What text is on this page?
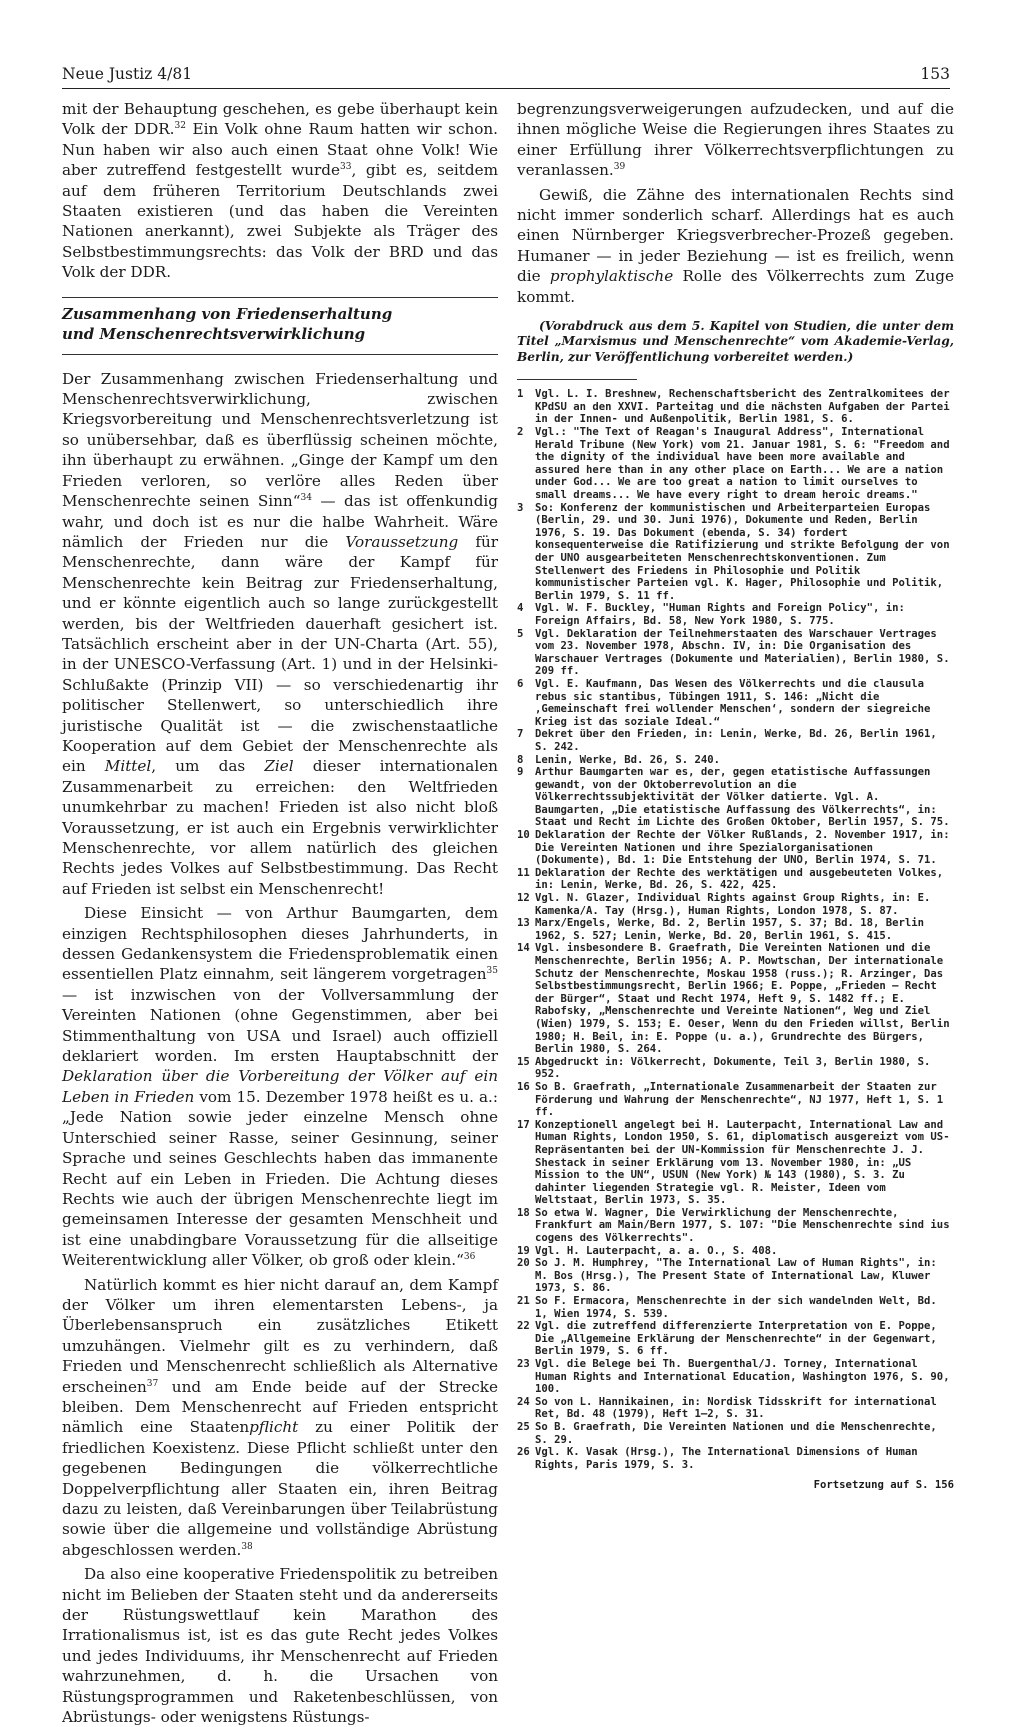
Neue Justiz 4/81	153

mit der Behauptung geschehen, es gebe überhaupt kein Volk der DDR.$^{32}$ Ein Volk ohne Raum hatten wir schon. Nun haben wir also auch einen Staat ohne Volk! Wie aber zutreffend festgestellt wurde$^{33}$, gibt es, seitdem auf dem früheren Territorium Deutschlands zwei Staaten existieren (und das haben die Vereinten Nationen anerkannt), zwei Subjekte als Träger des Selbstbestimmungsrechts: das Volk der BRD und das Volk der DDR.

Zusammenhang von Friedenserhaltung
und Menschenrechtsverwirklichung

Der Zusammenhang zwischen Friedenserhaltung und Menschenrechtsverwirklichung, zwischen Kriegsvorbereitung und Menschenrechtsverletzung ist so unübersehbar, daß es überflüssig scheinen möchte, ihn überhaupt zu erwähnen. „Ginge der Kampf um den Frieden verloren, so verlöre alles Reden über Menschenrechte seinen Sinn“$^{34}$ — das ist offenkundig wahr, und doch ist es nur die halbe Wahrheit. Wäre nämlich der Frieden nur die Voraussetzung für Menschenrechte, dann wäre der Kampf für Menschenrechte kein Beitrag zur Friedenserhaltung, und er könnte eigentlich auch so lange zurückgestellt werden, bis der Weltfrieden dauerhaft gesichert ist. Tatsächlich erscheint aber in der UN-Charta (Art. 55), in der UNESCO-Verfassung (Art. 1) und in der Helsinki-Schlußakte (Prinzip VII) — so verschiedenartig ihr politischer Stellenwert, so unterschiedlich ihre juristische Qualität ist — die zwischenstaatliche Kooperation auf dem Gebiet der Menschenrechte als ein Mittel, um das Ziel dieser internationalen Zusammenarbeit zu erreichen: den Weltfrieden unumkehrbar zu machen! Frieden ist also nicht bloß Voraussetzung, er ist auch ein Ergebnis verwirklichter Menschenrechte, vor allem natürlich des gleichen Rechts jedes Volkes auf Selbstbestimmung. Das Recht auf Frieden ist selbst ein Menschenrecht!

Diese Einsicht — von Arthur Baumgarten, dem einzigen Rechtsphilosophen dieses Jahrhunderts, in dessen Gedankensystem die Friedensproblematik einen essentiellen Platz einnahm, seit längerem vorgetragen$^{35}$ — ist inzwischen von der Vollversammlung der Vereinten Nationen (ohne Gegenstimmen, aber bei Stimmenthaltung von USA und Israel) auch offiziell deklariert worden. Im ersten Hauptabschnitt der Deklaration über die Vorbereitung der Völker auf ein Leben in Frieden vom 15. Dezember 1978 heißt es u. a.: „Jede Nation sowie jeder einzelne Mensch ohne Unterschied seiner Rasse, seiner Gesinnung, seiner Sprache und seines Geschlechts haben das immanente Recht auf ein Leben in Frieden. Die Achtung dieses Rechts wie auch der übrigen Menschenrechte liegt im gemeinsamen Interesse der gesamten Menschheit und ist eine unabdingbare Voraussetzung für die allseitige Weiterentwicklung aller Völker, ob groß oder klein.“$^{36}$

Natürlich kommt es hier nicht darauf an, dem Kampf der Völker um ihren elementarsten Lebens-, ja Überlebensanspruch ein zusätzliches Etikett umzuhängen. Vielmehr gilt es zu verhindern, daß Frieden und Menschenrecht schließlich als Alternative erscheinen$^{37}$ und am Ende beide auf der Strecke bleiben. Dem Menschenrecht auf Frieden entspricht nämlich eine Staatenpflicht zu einer Politik der friedlichen Koexistenz. Diese Pflicht schließt unter den gegebenen Bedingungen die völkerrechtliche Doppelverpflichtung aller Staaten ein, ihren Beitrag dazu zu leisten, daß Vereinbarungen über Teilabrüstung sowie über die allgemeine und vollständige Abrüstung abgeschlossen werden.$^{38}$

Da also eine kooperative Friedenspolitik zu betreiben nicht im Belieben der Staaten steht und da andererseits der Rüstungswettlauf kein Marathon des Irrationalismus ist, ist es das gute Recht jedes Volkes und jedes Individuums, ihr Menschenrecht auf Frieden wahrzunehmen, d. h. die Ursachen von Rüstungsprogrammen und Raketenbeschlüssen, von Abrüstungs- oder wenigstens Rüstungs-

begrenzungsverweigerungen aufzudecken, und auf die ihnen mögliche Weise die Regierungen ihres Staates zu einer Erfüllung ihrer Völkerrechtsverpflichtungen zu veranlassen.$^{39}$

Gewiß, die Zähne des internationalen Rechts sind nicht immer sonderlich scharf. Allerdings hat es auch einen Nürnberger Kriegsverbrecher-Prozeß gegeben. Humaner — in jeder Beziehung — ist es freilich, wenn die prophylaktische Rolle des Völkerrechts zum Zuge kommt.

(Vorabdruck aus dem 5. Kapitel von Studien, die unter dem Titel „Marxismus und Menschenrechte“ vom Akademie-Verlag, Berlin, zur Veröffentlichung vorbereitet werden.)

1	Vgl. L. I. Breshnew, Rechenschaftsbericht des Zentralkomitees der KPdSU an den XXVI. Parteitag und die nächsten Aufgaben der Partei in der Innen- und Außenpolitik, Berlin 1981, S. 6.
2	Vgl.: "The Text of Reagan's Inaugural Address", International Herald Tribune (New York) vom 21. Januar 1981, S. 6: "Freedom and the dignity of the individual have been more available and assured here than in any other place on Earth... We are a nation under God... We are too great a nation to limit ourselves to small dreams... We have every right to dream heroic dreams."
3	So: Konferenz der kommunistischen und Arbeiterparteien Europas (Berlin, 29. und 30. Juni 1976), Dokumente und Reden, Berlin 1976, S. 19. Das Dokument (ebenda, S. 34) fordert konsequenterweise die Ratifizierung und strikte Befolgung der von der UNO ausgearbeiteten Menschenrechtskonventionen. Zum Stellenwert des Friedens in Philosophie und Politik kommunistischer Parteien vgl. K. Hager, Philosophie und Politik, Berlin 1979, S. 11 ff.
4	Vgl. W. F. Buckley, "Human Rights and Foreign Policy", in: Foreign Affairs, Bd. 58, New York 1980, S. 775.
5	Vgl. Deklaration der Teilnehmerstaaten des Warschauer Vertrages vom 23. November 1978, Abschn. IV, in: Die Organisation des Warschauer Vertrages (Dokumente und Materialien), Berlin 1980, S. 209 ff.
6	Vgl. E. Kaufmann, Das Wesen des Völkerrechts und die clausula rebus sic stantibus, Tübingen 1911, S. 146: „Nicht die ‚Gemeinschaft frei wollender Menschen‘, sondern der siegreiche Krieg ist das soziale Ideal.“
7	Dekret über den Frieden, in: Lenin, Werke, Bd. 26, Berlin 1961, S. 242.
8	Lenin, Werke, Bd. 26, S. 240.
9	Arthur Baumgarten war es, der, gegen etatistische Auffassungen gewandt, von der Oktoberrevolution an die Völkerrechtssubjektivität der Völker datierte. Vgl. A. Baumgarten, „Die etatistische Auffassung des Völkerrechts“, in: Staat und Recht im Lichte des Großen Oktober, Berlin 1957, S. 75.
10 Deklaration der Rechte der Völker Rußlands, 2. November 1917, in: Die Vereinten Nationen und ihre Spezialorganisationen (Dokumente), Bd. 1: Die Entstehung der UNO, Berlin 1974, S. 71.
11 Deklaration der Rechte des werktätigen und ausgebeuteten Volkes, in: Lenin, Werke, Bd. 26, S. 422, 425.
12 Vgl. N. Glazer, Individual Rights against Group Rights, in: E. Kamenka/A. Tay (Hrsg.), Human Rights, London 1978, S. 87.
13 Marx/Engels, Werke, Bd. 2, Berlin 1957, S. 37; Bd. 18, Berlin 1962, S. 527; Lenin, Werke, Bd. 20, Berlin 1961, S. 415.
14 Vgl. insbesondere B. Graefrath, Die Vereinten Nationen und die Menschenrechte, Berlin 1956; A. P. Mowtschan, Der internationale Schutz der Menschenrechte, Moskau 1958 (russ.); R. Arzinger, Das Selbstbestimmungsrecht, Berlin 1966; E. Poppe, „Frieden — Recht der Bürger“, Staat und Recht 1974, Heft 9, S. 1482 ff.; E. Rabofsky, „Menschenrechte und Vereinte Nationen“, Weg und Ziel (Wien) 1979, S. 153; E. Oeser, Wenn du den Frieden willst, Berlin 1980; H. Beil, in: E. Poppe (u. a.), Grundrechte des Bürgers, Berlin 1980, S. 264.
15 Abgedruckt in: Völkerrecht, Dokumente, Teil 3, Berlin 1980, S. 952.
16 So B. Graefrath, „Internationale Zusammenarbeit der Staaten zur Förderung und Wahrung der Menschenrechte“, NJ 1977, Heft 1, S. 1 ff.
17 Konzeptionell angelegt bei H. Lauterpacht, International Law and Human Rights, London 1950, S. 61, diplomatisch ausgereizt vom US-Repräsentanten bei der UN-Kommission für Menschenrechte J. J. Shestack in seiner Erklärung vom 13. November 1980, in: „US Mission to the UN“, USUN (New York) № 143 (1980), S. 3. Zu dahinter liegenden Strategie vgl. R. Meister, Ideen vom Weltstaat, Berlin 1973, S. 35.
18 So etwa W. Wagner, Die Verwirklichung der Menschenrechte, Frankfurt am Main/Bern 1977, S. 107: "Die Menschenrechte sind ius cogens des Völkerrechts".
19 Vgl. H. Lauterpacht, a. a. O., S. 408.
20 So J. M. Humphrey, "The International Law of Human Rights", in: M. Bos (Hrsg.), The Present State of International Law, Kluwer 1973, S. 86.
21 So F. Ermacora, Menschenrechte in der sich wandelnden Welt, Bd. 1, Wien 1974, S. 539.
22 Vgl. die zutreffend differenzierte Interpretation von E. Poppe, Die „Allgemeine Erklärung der Menschenrechte“ in der Gegenwart, Berlin 1979, S. 6 ff.
23 Vgl. die Belege bei Th. Buergenthal/J. Torney, International Human Rights and International Education, Washington 1976, S. 90, 100.
24 So von L. Hannikainen, in: Nordisk Tidsskrift for international Ret, Bd. 48 (1979), Heft 1—2, S. 31.
25 So B. Graefrath, Die Vereinten Nationen und die Menschenrechte, S. 29.
26 Vgl. K. Vasak (Hrsg.), The International Dimensions of Human Rights, Paris 1979, S. 3.
Fortsetzung auf S. 156
